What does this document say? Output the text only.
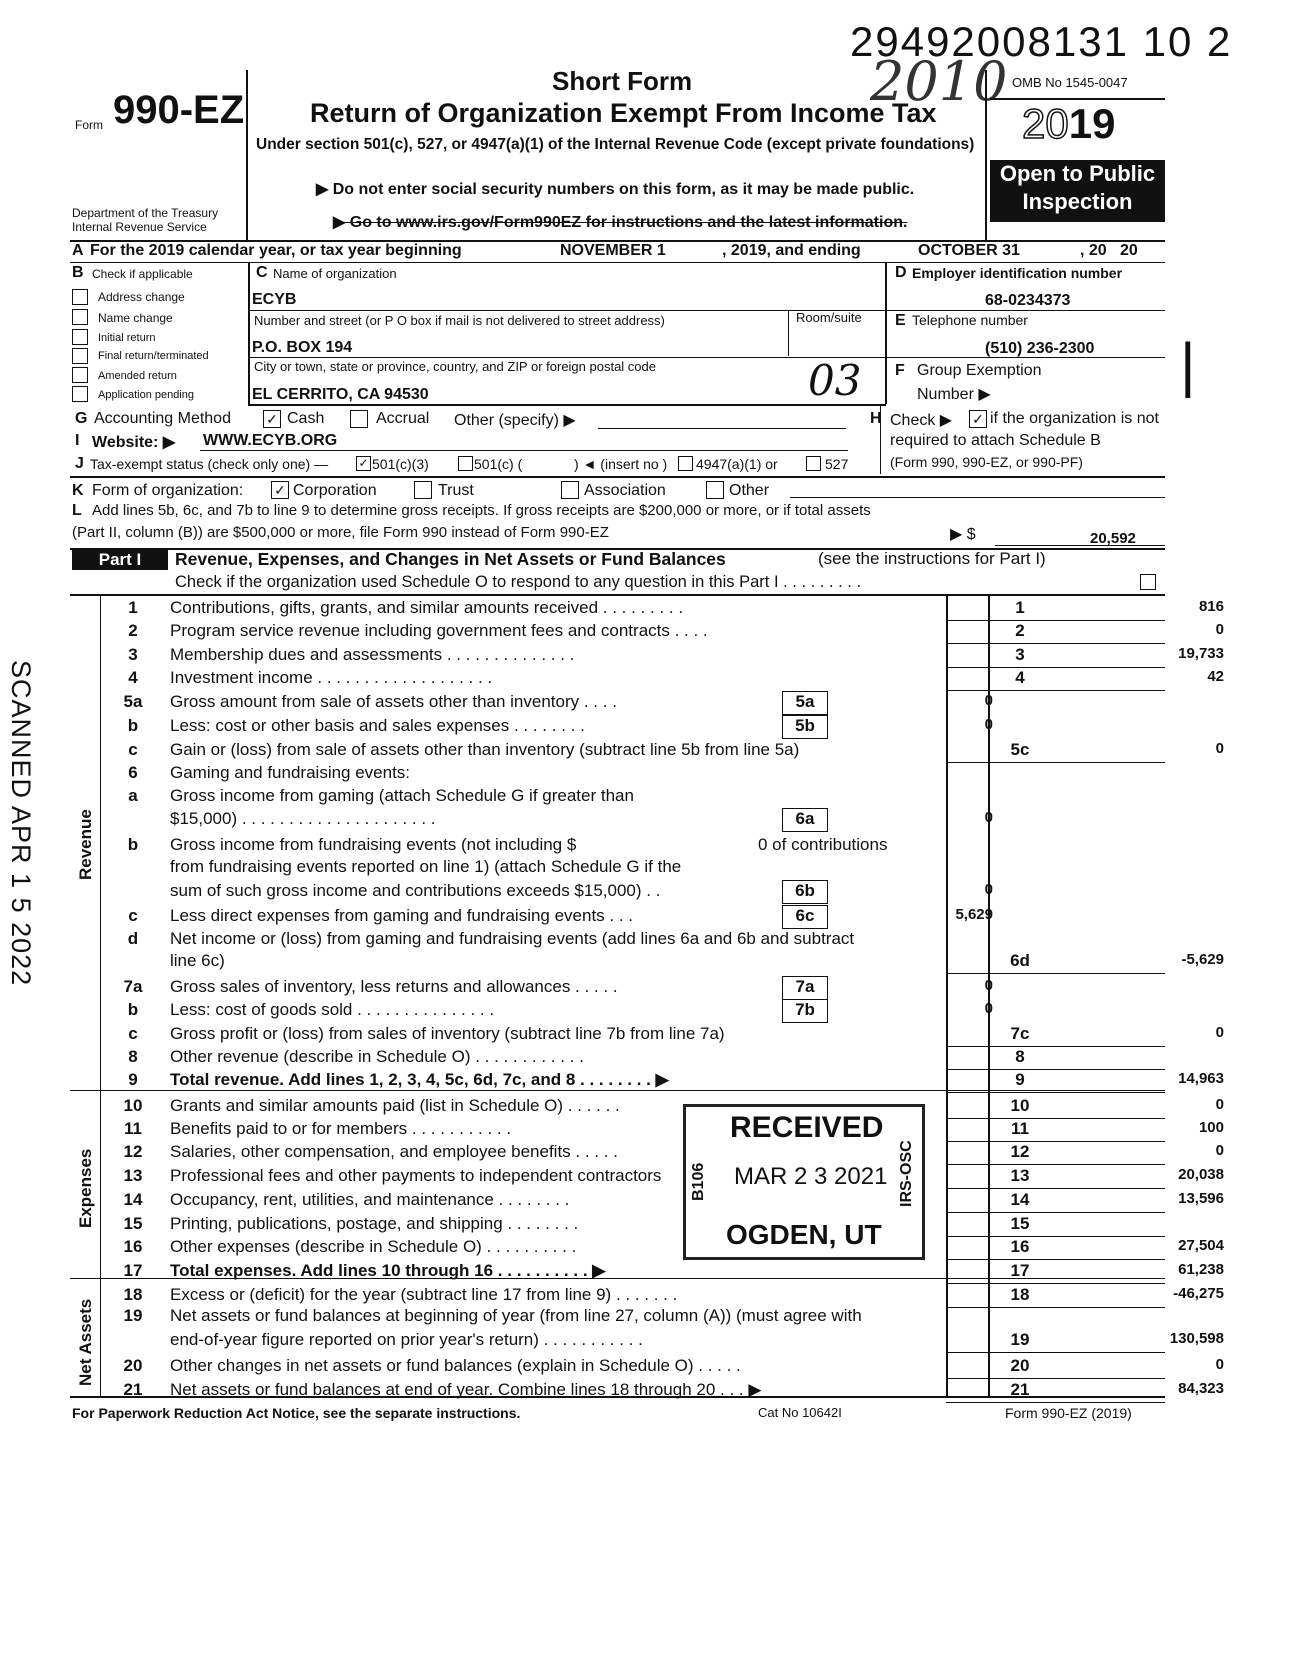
29492008131 10 2
2010
Form 990-EZ
Department of the Treasury
Internal Revenue Service
Short Form
Return of Organization Exempt From Income Tax
Under section 501(c), 527, or 4947(a)(1) of the Internal Revenue Code (except private foundations)
▶ Do not enter social security numbers on this form, as it may be made public.
▶ Go to www.irs.gov/Form990EZ for instructions and the latest information.
OMB No 1545-0047
2019
Open to Public
Inspection
A For the 2019 calendar year, or tax year beginning	NOVEMBER 1	, 2019, and ending	OCTOBER 31	, 20 20
B Check if applicable
Address change
Name change
Initial return
Final return/terminated
Amended return
Application pending
C Name of organization
ECYB
Number and street (or P O box if mail is not delivered to street address)	Room/suite
P.O. BOX 194
City or town, state or province, country, and ZIP or foreign postal code
EL CERRITO, CA 94530	03
D Employer identification number
68-0234373
E Telephone number
(510) 236-2300
F Group Exemption
Number ▶	|
G Accounting Method	✓ Cash	Accrual Other (specify) ▶	H Check ▶ ✓ if the organization is not
required to attach Schedule B
(Form 990, 990-EZ, or 990-PF)
I Website: ▶ WWW.ECYB.ORG
J Tax-exempt status (check only one) —	✓ 501(c)(3)	501(c) (	) ◄ (insert no ) 4947(a)(1) or	527
K Form of organization: ✓ Corporation	Trust	Association	Other
L Add lines 5b, 6c, and 7b to line 9 to determine gross receipts. If gross receipts are $200,000 or more, or if total assets
(Part II, column (B)) are $500,000 or more, file Form 990 instead of Form 990-EZ	▶ $	20,592
Part I	Revenue, Expenses, and Changes in Net Assets or Fund Balances	(see the instructions for Part I)
Check if the organization used Schedule O to respond to any question in this Part I . . . . . . . . .
Revenue
Expenses
Net Assets
1	Contributions, gifts, grants, and similar amounts received . . . . . . . . .	1	816
2	Program service revenue including government fees and contracts . . . .	2	0
3	Membership dues and assessments . . . . . . . . . . . . . .	3	19,733
4	Investment income . . . . . . . . . . . . . . . . . . .	4	42
5a	Gross amount from sale of assets other than inventory . . . .	5a	0
b	Less: cost or other basis and sales expenses . . . . . . . .	5b	0
c	Gain or (loss) from sale of assets other than inventory (subtract line 5b from line 5a)	5c	0
6	Gaming and fundraising events:
a	Gross income from gaming (attach Schedule G if greater than
$15,000) . . . . . . . . . . . . . . . . . . . . .	6a	0
b	Gross income from fundraising events (not including $	0 of contributions
from fundraising events reported on line 1) (attach Schedule G if the
sum of such gross income and contributions exceeds $15,000) . .	6b	0
c	Less direct expenses from gaming and fundraising events . . .	6c	5,629
d	Net income or (loss) from gaming and fundraising events (add lines 6a and 6b and subtract
line 6c)	6d	-5,629
7a	Gross sales of inventory, less returns and allowances . . . . .	7a	0
b	Less: cost of goods sold . . . . . . . . . . . . . . .	7b	0
c	Gross profit or (loss) from sales of inventory (subtract line 7b from line 7a)	7c	0
8	Other revenue (describe in Schedule O) . . . . . . . . . . . .	8
9	Total revenue. Add lines 1, 2, 3, 4, 5c, 6d, 7c, and 8 . . . . . . . . ▶	9	14,963
10	Grants and similar amounts paid (list in Schedule O) . . . . . .	10	0
11	Benefits paid to or for members . . . . . . . . . . .	11	100
12	Salaries, other compensation, and employee benefits . . . . .	12	0
13	Professional fees and other payments to independent contractors	13	20,038
14	Occupancy, rent, utilities, and maintenance . . . . . . . .	14	13,596
15	Printing, publications, postage, and shipping . . . . . . . .	15
16	Other expenses (describe in Schedule O) . . . . . . . . . .	16	27,504
17	Total expenses. Add lines 10 through 16 . . . . . . . . . . ▶	17	61,238
18	Excess or (deficit) for the year (subtract line 17 from line 9) . . . . . . .	18	-46,275
19	Net assets or fund balances at beginning of year (from line 27, column (A)) (must agree with
end-of-year figure reported on prior year's return) . . . . . . . . . . .	19	130,598
20	Other changes in net assets or fund balances (explain in Schedule O) . . . . .	20	0
21	Net assets or fund balances at end of year. Combine lines 18 through 20 . . . ▶	21	84,323
RECEIVED
MAR 2 3 2021
OGDEN, UT
B106	IRS-OSC
SCANNED APR 1 5 2022
For Paperwork Reduction Act Notice, see the separate instructions.	Cat No 10642I	Form 990-EZ (2019)
